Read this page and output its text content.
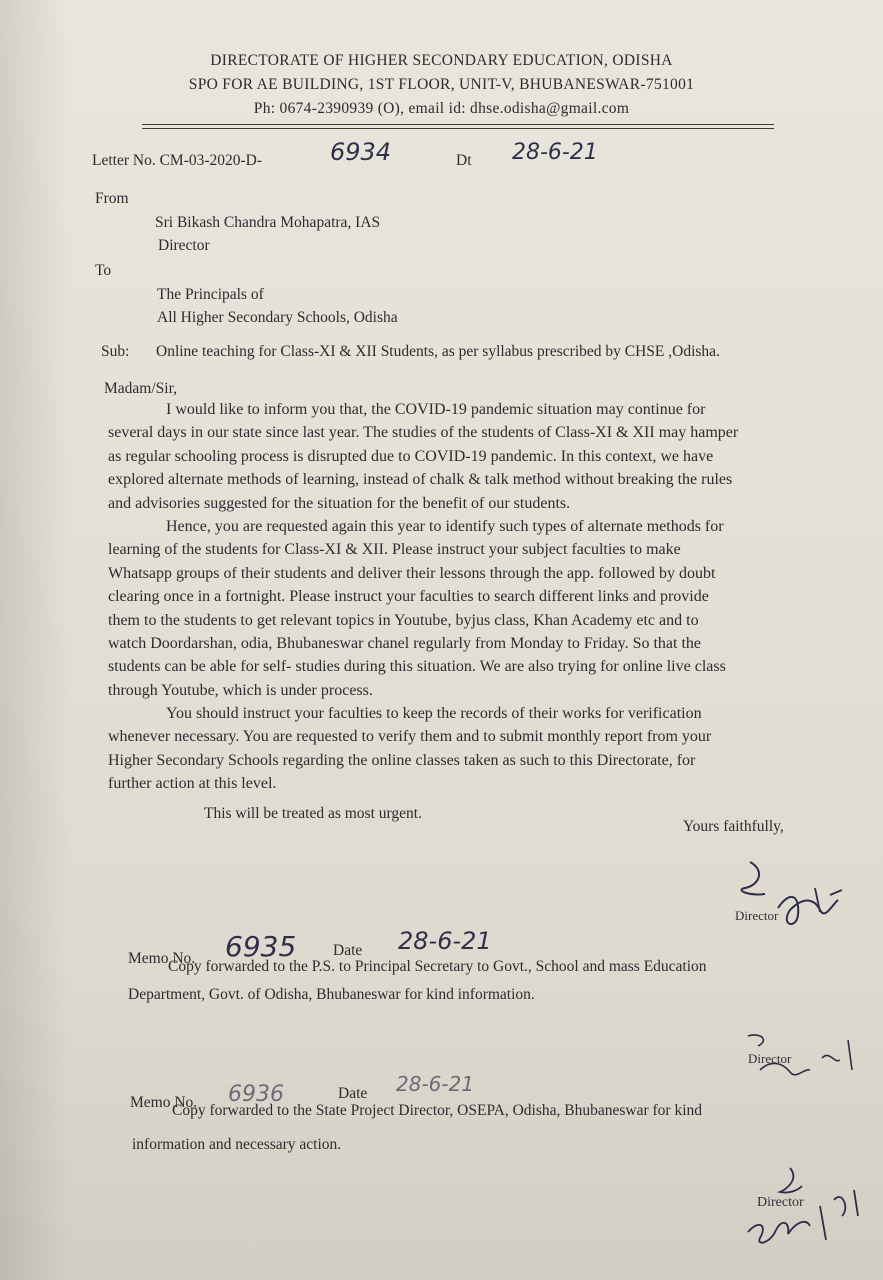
DIRECTORATE OF HIGHER SECONDARY EDUCATION, ODISHA
SPO FOR AE BUILDING, 1ST FLOOR, UNIT-V, BHUBANESWAR-751001
Ph: 0674-2390939 (O), email id: dhse.odisha@gmail.com
Letter No. CM-03-2020-D-	6934	Dt 28-6-21
From
Sri Bikash Chandra Mohapatra, IAS
Director
To
The Principals of
All Higher Secondary Schools, Odisha
Sub: Online teaching for Class-XI & XII Students, as per syllabus prescribed by CHSE ,Odisha.
Madam/Sir,
I would like to inform you that, the COVID-19 pandemic situation may continue for
several days in our state since last year. The studies of the students of Class-XI & XII may hamper
as regular schooling process is disrupted due to COVID-19 pandemic. In this context, we have
explored alternate methods of learning, instead of chalk & talk method without breaking the rules
and advisories suggested for the situation for the benefit of our students.
Hence, you are requested again this year to identify such types of alternate methods for
learning of the students for Class-XI & XII. Please instruct your subject faculties to make
Whatsapp groups of their students and deliver their lessons through the app. followed by doubt
clearing once in a fortnight. Please instruct your faculties to search different links and provide
them to the students to get relevant topics in Youtube, byjus class, Khan Academy etc and to
watch Doordarshan, odia, Bhubaneswar chanel regularly from Monday to Friday. So that the
students can be able for self- studies during this situation. We are also trying for online live class
through Youtube, which is under process.
You should instruct your faculties to keep the records of their works for verification
whenever necessary. You are requested to verify them and to submit monthly report from your
Higher Secondary Schools regarding the online classes taken as such to this Directorate, for
further action at this level.
This will be treated as most urgent.
Yours faithfully,
Director
Memo No. 6935 Date 28-6-21
Copy forwarded to the P.S. to Principal Secretary to Govt., School and mass Education
Department, Govt. of Odisha, Bhubaneswar for kind information.
Director
Memo No. 6936	Date 28-6-21
Copy forwarded to the State Project Director, OSEPA, Odisha, Bhubaneswar for kind
information and necessary action.
Director
